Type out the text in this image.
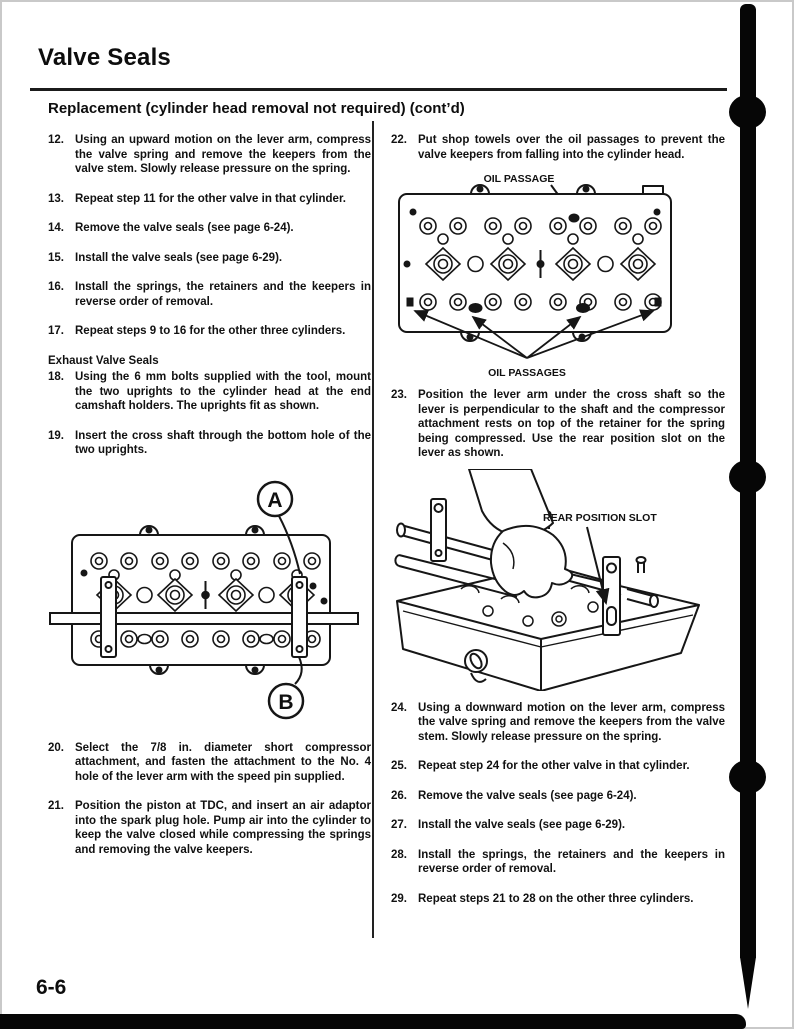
Valve Seals
Replacement (cylinder head removal not required) (cont’d)
12. Using an upward motion on the lever arm, compress the valve spring and remove the keepers from the valve stem. Slowly release pressure on the spring.
13. Repeat step 11 for the other valve in that cylinder.
14. Remove the valve seals (see page 6-24).
15. Install the valve seals (see page 6-29).
16. Install the springs, the retainers and the keepers in reverse order of removal.
17. Repeat steps 9 to 16 for the other three cylinders.
Exhaust Valve Seals
18. Using the 6 mm bolts supplied with the tool, mount the two uprights to the cylinder head at the end camshaft holders. The uprights fit as shown.
19. Insert the cross shaft through the bottom hole of the two uprights.
A
B
20. Select the 7/8 in. diameter short compressor attachment, and fasten the attachment to the No. 4 hole of the lever arm with the speed pin supplied.
21. Position the piston at TDC, and insert an air adaptor into the spark plug hole. Pump air into the cylinder to keep the valve closed while compressing the springs and removing the valve keepers.
22. Put shop towels over the oil passages to prevent the valve keepers from falling into the cylinder head.
OIL PASSAGE
OIL PASSAGES
23. Position the lever arm under the cross shaft so the lever is perpendicular to the shaft and the compressor attachment rests on top of the retainer for the spring being compressed. Use the rear position slot on the lever as shown.
REAR POSITION SLOT
24. Using a downward motion on the lever arm, compress the valve spring and remove the keepers from the valve stem. Slowly release pressure on the spring.
25. Repeat step 24 for the other valve in that cylinder.
26. Remove the valve seals (see page 6-24).
27. Install the valve seals (see page 6-29).
28. Install the springs, the retainers and the keepers in reverse order of removal.
29. Repeat steps 21 to 28 on the other three cylinders.
6-6
